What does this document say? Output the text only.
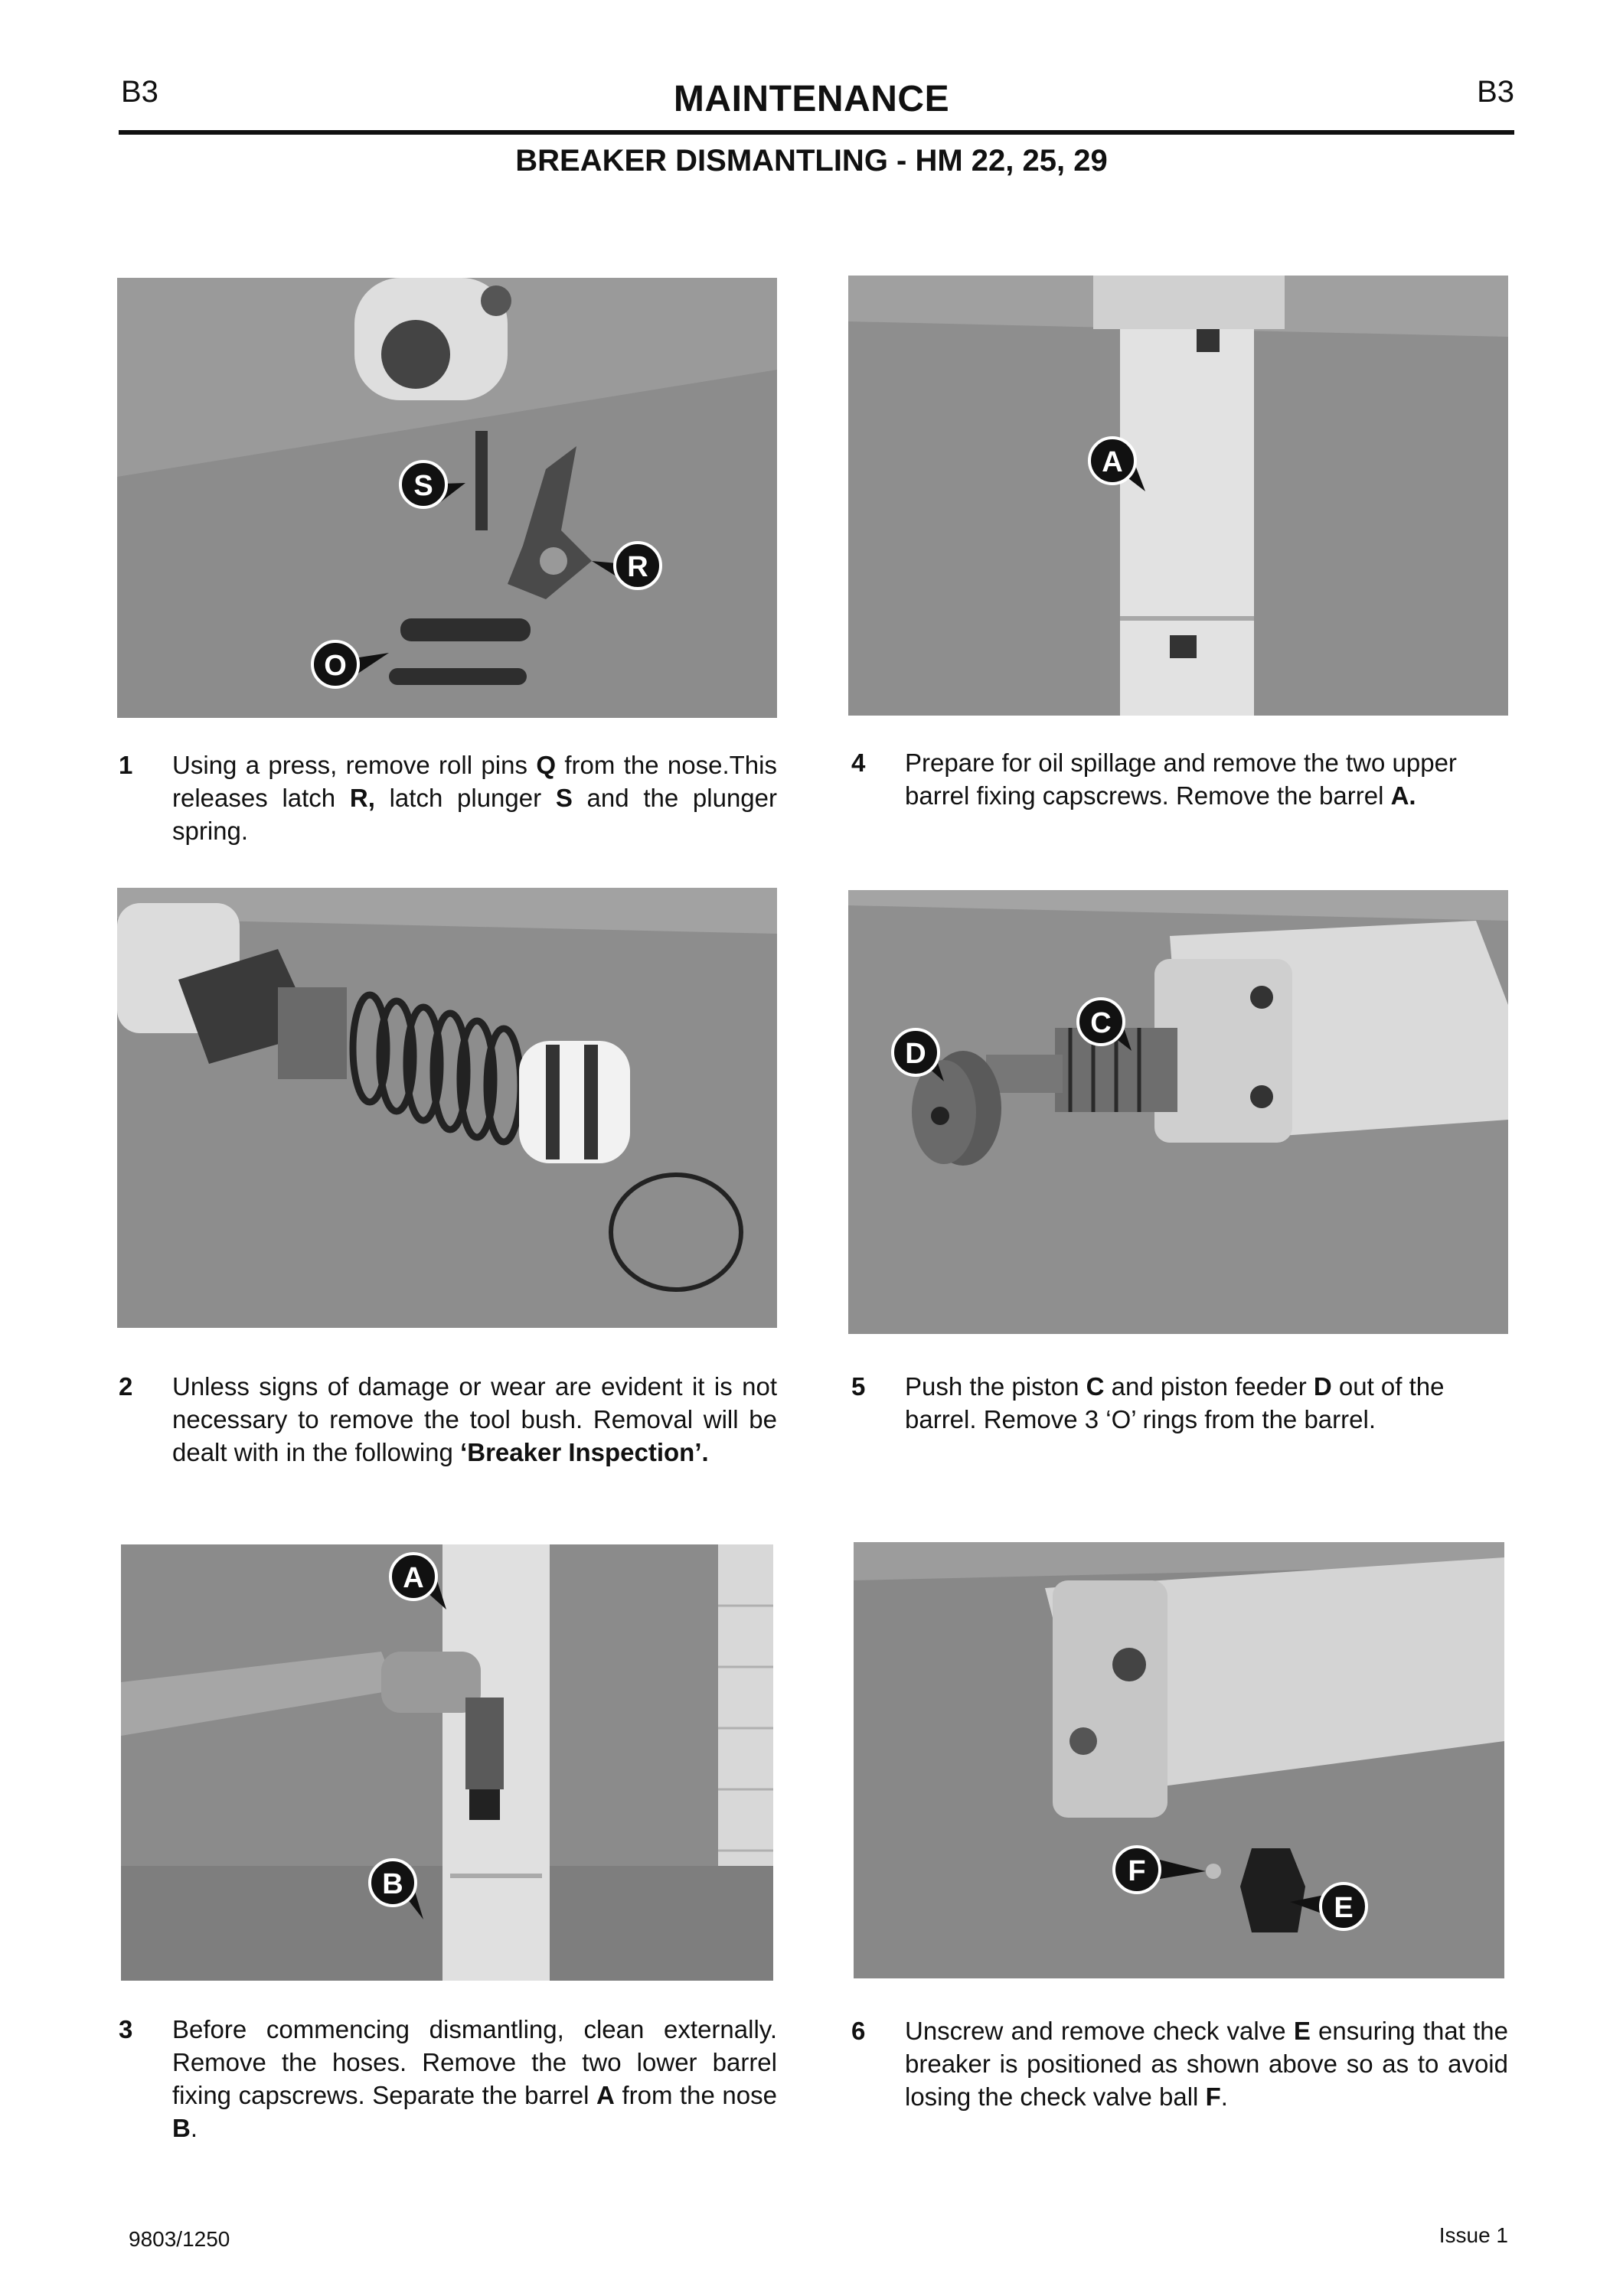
B3	MAINTENANCE	B3
BREAKER DISMANTLING - HM 22, 25, 29
S
R
O
A
1 Using a press, remove roll pins Q from the nose.This releases latch R, latch plunger S and the plunger spring.
4 Prepare for oil spillage and remove the two upper barrel fixing capscrews. Remove the barrel A.
C
D
2 Unless signs of damage or wear are evident it is not necessary to remove the tool bush. Removal will be dealt with in the following ‘Breaker Inspection’.
5 Push the piston C and piston feeder D out of the barrel. Remove 3 ‘O’ rings from the barrel.
A
B	F
E
3 Before commencing dismantling, clean externally. Remove the hoses. Remove the two lower barrel fixing capscrews. Separate the barrel A from the nose B.
6 Unscrew and remove check valve E ensuring that the breaker is positioned as shown above so as to avoid losing the check valve ball F.
9803/1250	Issue 1
